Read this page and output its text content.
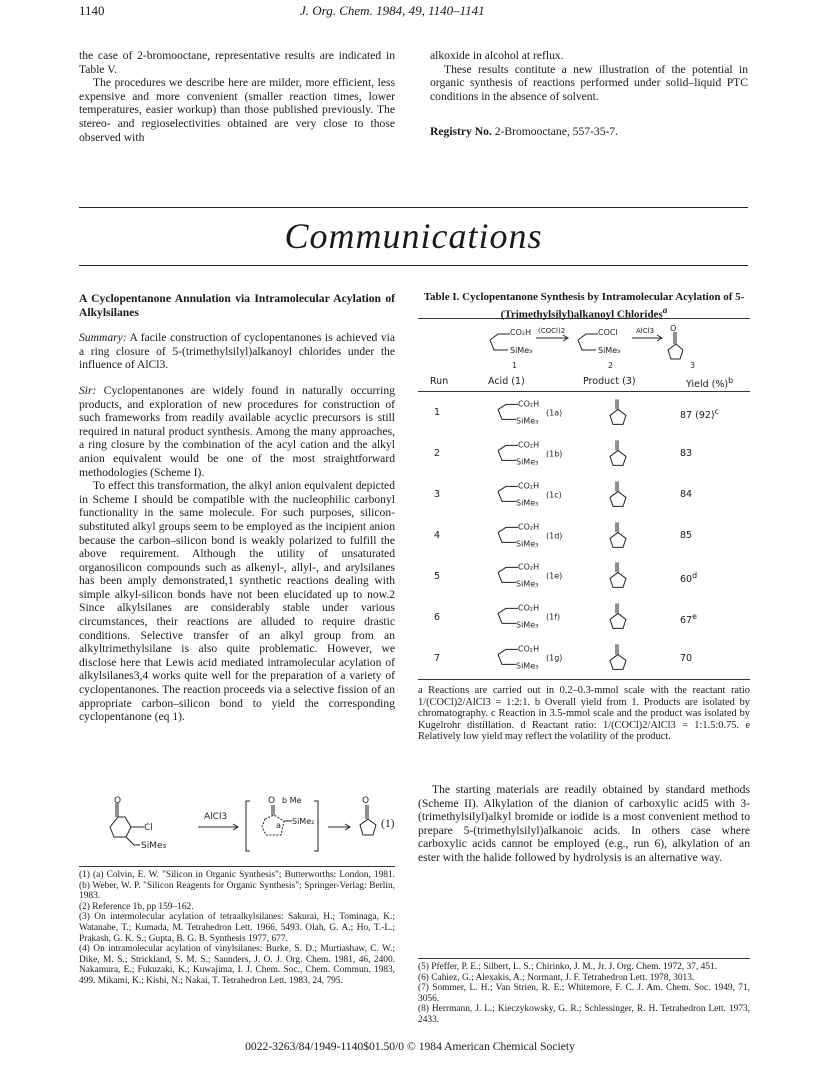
1140	J. Org. Chem. 1984, 49, 1140–1141

the case of 2-bromooctane, representative results are indicated in Table V.

The procedures we describe here are milder, more efficient, less expensive and more convenient (smaller reaction times, lower temperatures, easier workup) than those published previously. The stereo- and regioselectivities obtained are very close to those observed with

alkoxide in alcohol at reflux.

These results contitute a new illustration of the potential in organic synthesis of reactions performed under solid–liquid PTC conditions in the absence of solvent.

Registry No. 2-Bromooctane, 557-35-7.

Communications

A Cyclopentanone Annulation via Intramolecular Acylation of Alkylsilanes

Summary: A facile construction of cyclopentanones is achieved via a ring closure of 5-(trimethylsilyl)alkanoyl chlorides under the influence of AlCl3.

Sir: Cyclopentanones are widely found in naturally occurring products, and exploration of new procedures for construction of such frameworks from readily available acyclic precursors is still required in natural product synthesis. Among the many approaches, a ring closure by the combination of the acyl cation and the alkyl anion equivalent would be one of the most straightforward methodologies (Scheme I).

To effect this transformation, the alkyl anion equivalent depicted in Scheme I should be compatible with the nucleophilic carbonyl functionality in the same molecule. For such purposes, silicon-substituted alkyl groups seem to be employed as the incipient anion because the carbon–silicon bond is weakly polarized to fulfill the above requirement. Although the utility of unsaturated organosilicon compounds such as alkenyl-, allyl-, and arylsilanes has been amply demonstrated,1 synthetic reactions dealing with simple alkyl-silicon bonds have not been elucidated up to now.2 Since alkylsilanes are considerably stable under various circumstances, their reactions are alluded to require drastic conditions. Selective transfer of an alkyl group from an alkyltrimethylsilane is also quite problematic. However, we disclose here that Lewis acid mediated intramolecular acylation of alkylsilanes3,4 works quite well for the preparation of a variety of cyclopentanones. The reaction proceeds via a selective fission of an appropriate carbon–silicon bond to yield the corresponding cyclopentanone (eq 1).

O
Cl
SiMe₃
O b Me
a SiMe₂
O
AlCl3	(1)

(1) (a) Colvin, E. W. "Silicon in Organic Synthesis"; Butterworths: London, 1981. (b) Weber, W. P. "Silicon Reagents for Organic Synthesis"; Springer-Verlag: Berlin, 1983.

(2) Reference 1b, pp 159–162.

(3) On intermolecular acylation of tetraalkylsilanes: Sakurai, H.; Tominaga, K.; Watanabe, T.; Kumada, M. Tetrahedron Lett. 1966, 5493. Olah, G. A.; Ho, T.-L.; Prakash, G. K. S.; Gupta, B. G. B. Synthesis 1977, 677.

(4) On intramolecular acylation of vinylsilanes: Burke, S. D.; Murtiashaw, C. W.; Dike, M. S.; Strickland, S. M. S.; Saunders, J. O. J. Org. Chem. 1981, 46, 2400. Nakamura, E.; Fukuzaki, K.; Kuwajima, I. J. Chem. Soc., Chem. Commun. 1983, 499. Mikami, K.; Kishi, N.; Nakai, T. Tetrahedron Lett. 1983, 24, 795.

Table I. Cyclopentanone Synthesis by Intramolecular Acylation of 5-(Trimethylsilyl)alkanoyl Chlorides$^a$
CO₂H
SiMe₃
(COCl)2	COCl
SiMe₃
AlCl3 O
1	2	3
Run	Acid (1)	Product (3)	Yield (%)$^b$
1
CO₂H
SiMe₃
(1a)	87 $(92)^c$
2
CO₂H
SiMe₃
(1b)	83
3
CO₂H
SiMe₃
(1c)	84
4
CO₂H
SiMe₃
(1d)	85
5
CO₂H
SiMe₃
(1e)	60$^d$
6
CO₂H
SiMe₃
(1f)	67e
7
CO₂H
SiMe₃
(1g)	70
a Reactions are carried out in 0.2–0.3-mmol scale with the reactant ratio 1/(COCl)2/AlCl3 = 1:2:1. b Overall yield from 1. Products are isolated by chromatography. c Reaction in 3.5-mmol scale and the product was isolated by Kugelrohr distillation. d Reactant ratio: 1/(COCl)2/AlCl3 = 1:1.5:0.75. e Relatively low yield may reflect the volatility of the product.

The starting materials are readily obtained by standard methods (Scheme II). Alkylation of the dianion of carboxylic acid5 with 3-(trimethylsilyl)alkyl bromide or iodide is a most convenient method to prepare 5-(trimethylsilyl)alkanoic acids. In others case where carboxylic acids cannot be employed (e.g., run 6), alkylation of an ester with the halide followed by hydrolysis is an alternative way.

(5) Pfeffer, P. E.; Silbert, L. S.; Chirinko, J. M., Jr. J. Org. Chem. 1972, 37, 451.

(6) Cahiez, G.; Alexakis, A.; Normant, J. F. Tetrahedron Lett. 1978, 3013.

(7) Sommer, L. H.; Van Strien, R. E.; Whitemore, F. C. J. Am. Chem. Soc. 1949, 71, 3056.

(8) Herrmann, J. L.; Kieczykowsky, G. R.; Schlessinger, R. H. Tetrahedron Lett. 1973, 2433.

0022-3263/84/1949-1140$01.50/0 © 1984 American Chemical Society
